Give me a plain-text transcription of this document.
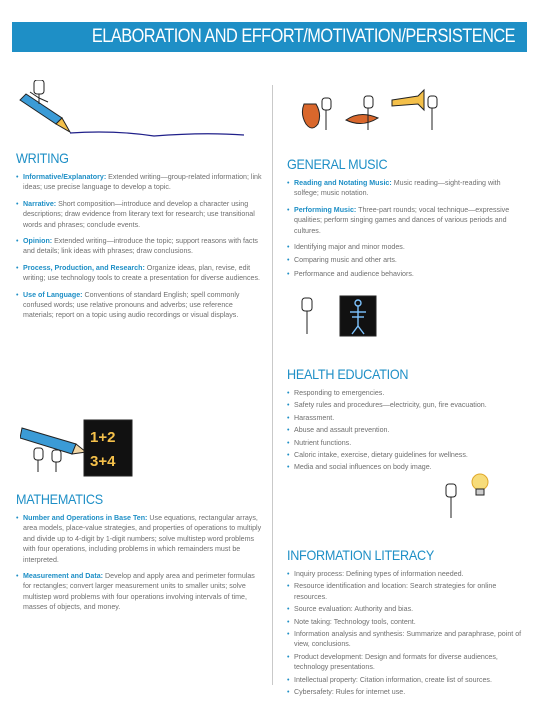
ELABORATION AND EFFORT/MOTIVATION/PERSISTENCE
WRITING
• Informative/Explanatory: Extended writing—group-related information; link ideas; use precise language to develop a topic.
• Narrative: Short composition—introduce and develop a character using descriptions; draw evidence from literary text for research; use transitional words and phrases; conclude events.
• Opinion: Extended writing—introduce the topic; support reasons with facts and details; link ideas with phrases; draw conclusions.
• Process, Production, and Research: Organize ideas, plan, revise, edit writing; use technology tools to create a presentation for diverse audiences.
• Use of Language: Conventions of standard English; spell commonly confused words; use relative pronouns and adverbs; use reference materials; report on a topic using audio recordings or visual displays.
1+2
3+4
MATHEMATICS
• Number and Operations in Base Ten: Use equations, rectangular arrays, area models, place-value strategies, and properties of operations to multiply and divide up to 4-digit by 1-digit numbers; solve multistep word problems with four operations, including problems in which remainders must be interpreted.
• Measurement and Data: Develop and apply area and perimeter formulas for rectangles; convert larger measurement units to smaller units; solve multistep word problems with four operations involving intervals of time, masses of objects, and money.
GENERAL MUSIC
• Reading and Notating Music: Music reading—sight-reading with solfege; music notation.
• Performing Music: Three-part rounds; vocal technique—expressive qualities; perform singing games and dances of various periods and cultures.
• Identifying major and minor modes.
• Comparing music and other arts.
• Performance and audience behaviors.
HEALTH EDUCATION
• Responding to emergencies.
• Safety rules and procedures—electricity, gun, fire evacuation.
• Harassment.
• Abuse and assault prevention.
• Nutrient functions.
• Caloric intake, exercise, dietary guidelines for wellness.
• Media and social influences on body image.
INFORMATION LITERACY
• Inquiry process: Defining types of information needed.
• Resource identification and location: Search strategies for online resources.
• Source evaluation: Authority and bias.
• Note taking: Technology tools, content.
• Information analysis and synthesis: Summarize and paraphrase, point of view, conclusions.
• Product development: Design and formats for diverse audiences, technology presentations.
• Intellectual property: Citation information, create list of sources.
• Cybersafety: Rules for internet use.
